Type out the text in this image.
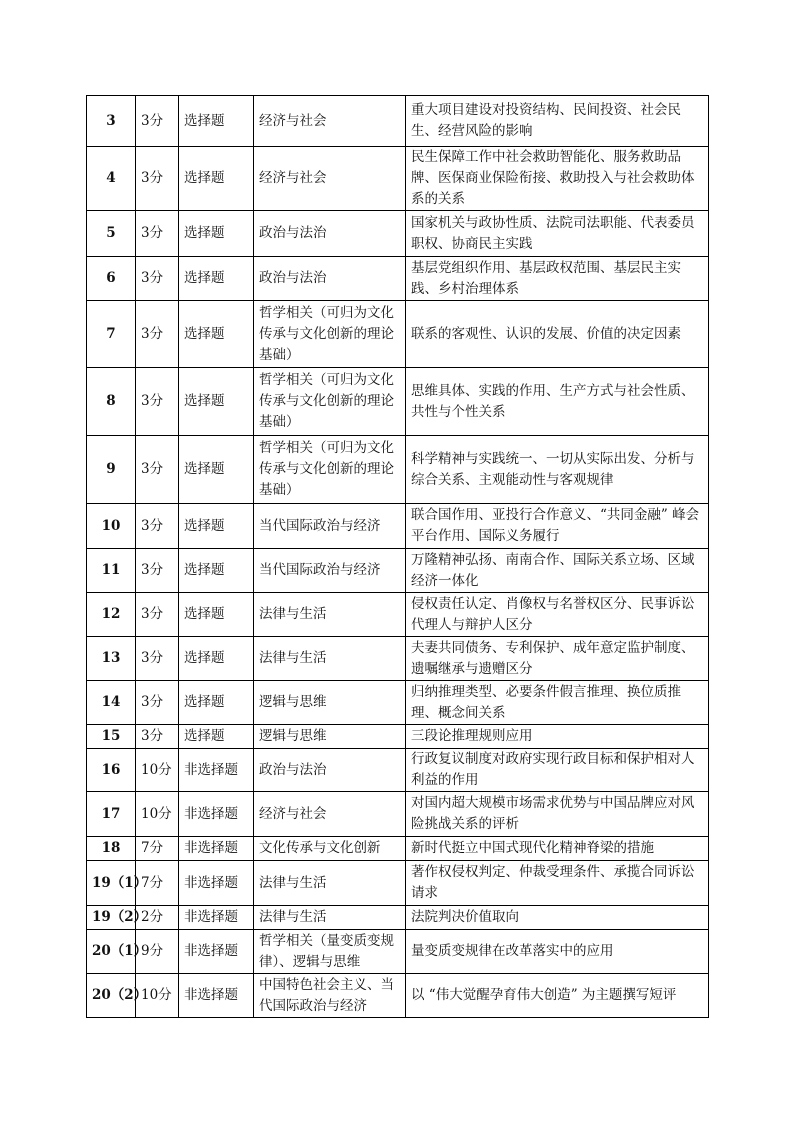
3	3分	选择题	经济与社会	重大项目建设对投资结构、民间投资、社会民生、经营风险的影响
4	3分	选择题	经济与社会	民生保障工作中社会救助智能化、服务救助品牌、医保商业保险衔接、救助投入与社会救助体系的关系
5	3分	选择题	政治与法治	国家机关与政协性质、法院司法职能、代表委员职权、协商民主实践
6	3分	选择题	政治与法治	基层党组织作用、基层政权范围、基层民主实践、乡村治理体系
7	3分	选择题	哲学相关（可归为文化传承与文化创新的理论基础）	联系的客观性、认识的发展、价值的决定因素
8	3分	选择题	哲学相关（可归为文化传承与文化创新的理论基础）	思维具体、实践的作用、生产方式与社会性质、共性与个性关系
9	3分	选择题	哲学相关（可归为文化传承与文化创新的理论基础）	科学精神与实践统一、一切从实际出发、分析与综合关系、主观能动性与客观规律
10	3分	选择题	当代国际政治与经济	联合国作用、亚投行合作意义、“共同金融” 峰会平台作用、国际义务履行
11	3分	选择题	当代国际政治与经济	万隆精神弘扬、南南合作、国际关系立场、区域经济一体化
12	3分	选择题	法律与生活	侵权责任认定、肖像权与名誉权区分、民事诉讼代理人与辩护人区分
13	3分	选择题	法律与生活	夫妻共同债务、专利保护、成年意定监护制度、遗嘱继承与遗赠区分
14	3分	选择题	逻辑与思维	归纳推理类型、必要条件假言推理、换位质推理、概念间关系
15	3分	选择题	逻辑与思维	三段论推理规则应用
16	10分	非选择题	政治与法治	行政复议制度对政府实现行政目标和保护相对人利益的作用
17	10分	非选择题	经济与社会	对国内超大规模市场需求优势与中国品牌应对风险挑战关系的评析
18	7分	非选择题	文化传承与文化创新	新时代挺立中国式现代化精神脊梁的措施
19（1）	7分	非选择题	法律与生活	著作权侵权判定、仲裁受理条件、承揽合同诉讼请求
19（2）	2分	非选择题	法律与生活	法院判决价值取向
20（1）	9分	非选择题	哲学相关（量变质变规律）、逻辑与思维	量变质变规律在改革落实中的应用
20（2）	10分	非选择题	中国特色社会主义、当代国际政治与经济	以 “伟大觉醒孕育伟大创造” 为主题撰写短评
